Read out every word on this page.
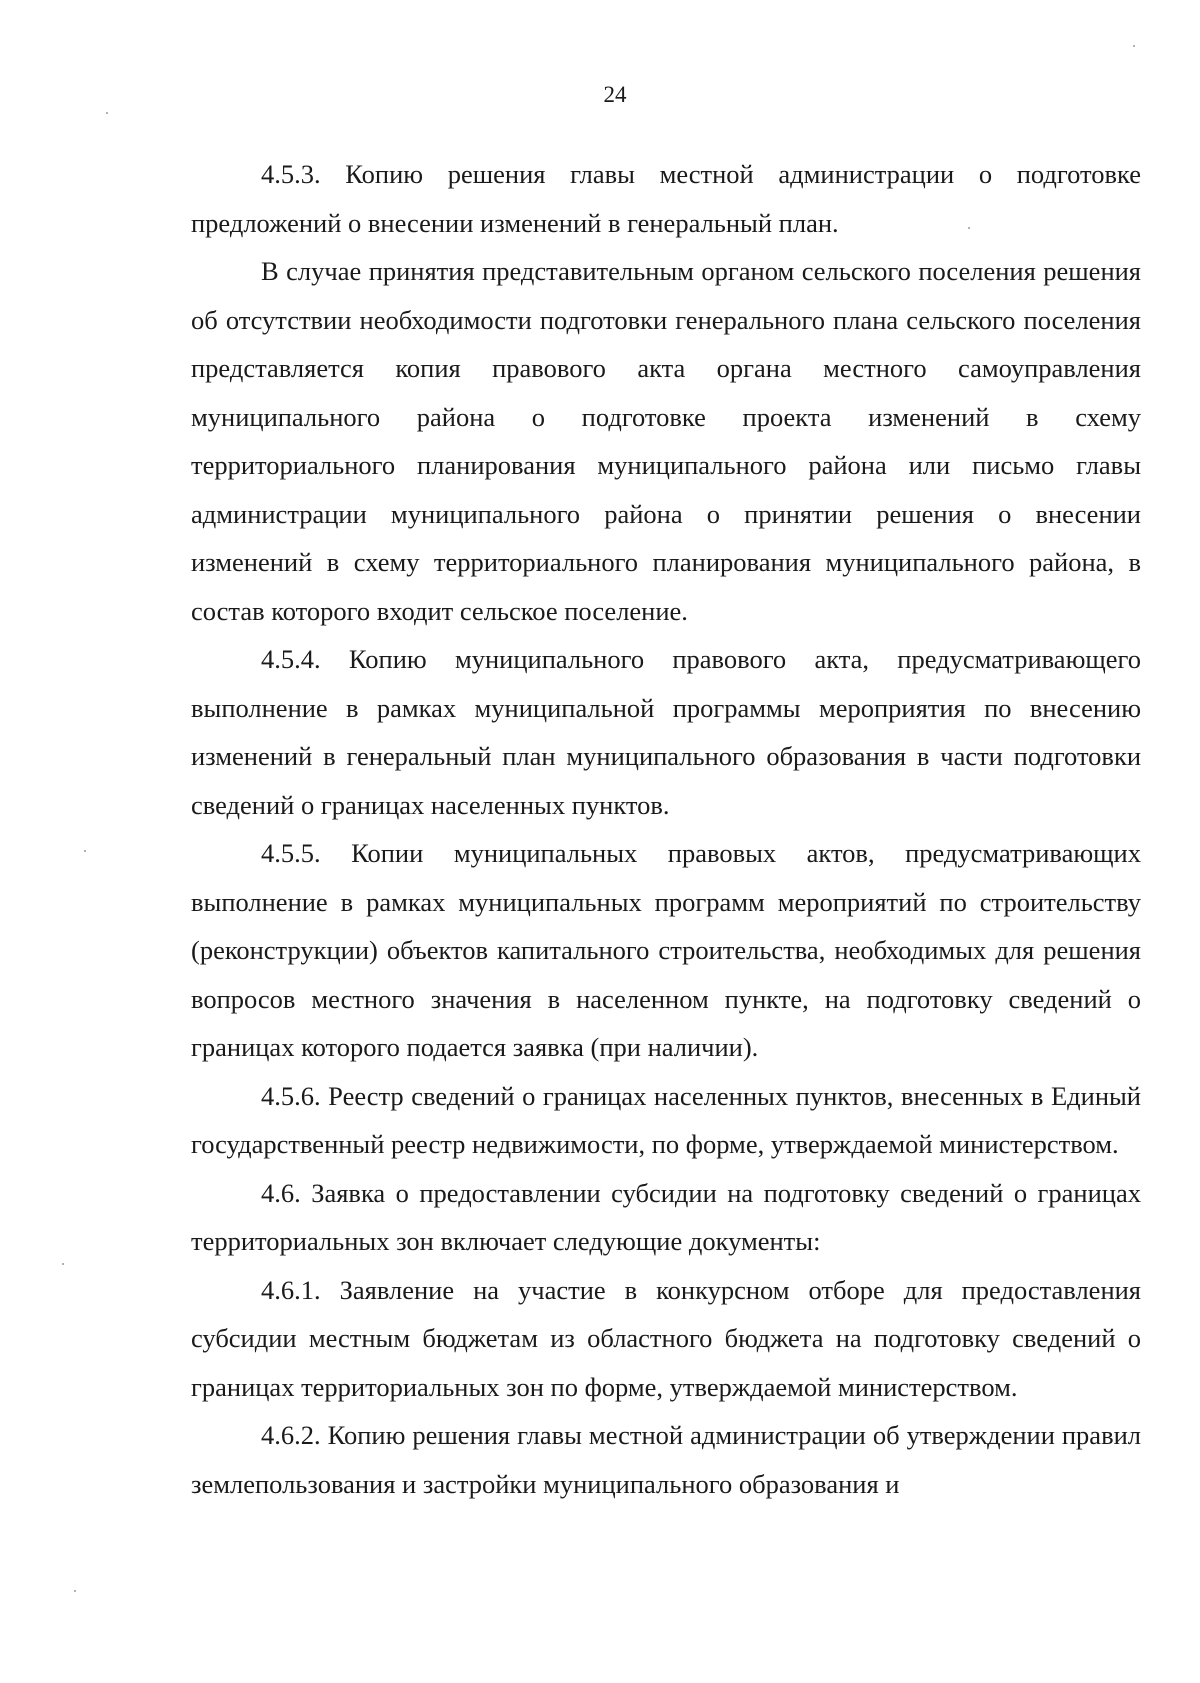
24

4.5.3. Копию решения главы местной администрации о подготовке предложений о внесении изменений в генеральный план.

В случае принятия представительным органом сельского поселения решения об отсутствии необходимости подготовки генерального плана сельского поселения представляется копия правового акта органа местного самоуправления муниципального района о подготовке проекта изменений в схему территориального планирования муниципального района или письмо главы администрации муниципального района о принятии решения о внесении изменений в схему территориального планирования муниципального района, в состав которого входит сельское поселение.

4.5.4. Копию муниципального правового акта, предусматривающего выполнение в рамках муниципальной программы мероприятия по внесению изменений в генеральный план муниципального образования в части подготовки сведений о границах населенных пунктов.

4.5.5. Копии муниципальных правовых актов, предусматривающих выполнение в рамках муниципальных программ мероприятий по строительству (реконструкции) объектов капитального строительства, необходимых для решения вопросов местного значения в населенном пункте, на подготовку сведений о границах которого подается заявка (при наличии).

4.5.6. Реестр сведений о границах населенных пунктов, внесенных в Единый государственный реестр недвижимости, по форме, утверждаемой министерством.

4.6. Заявка о предоставлении субсидии на подготовку сведений о границах территориальных зон включает следующие документы:

4.6.1. Заявление на участие в конкурсном отборе для предоставления субсидии местным бюджетам из областного бюджета на подготовку сведений о границах территориальных зон по форме, утверждаемой министерством.

4.6.2. Копию решения главы местной администрации об утверждении правил землепользования и застройки муниципального образования и
